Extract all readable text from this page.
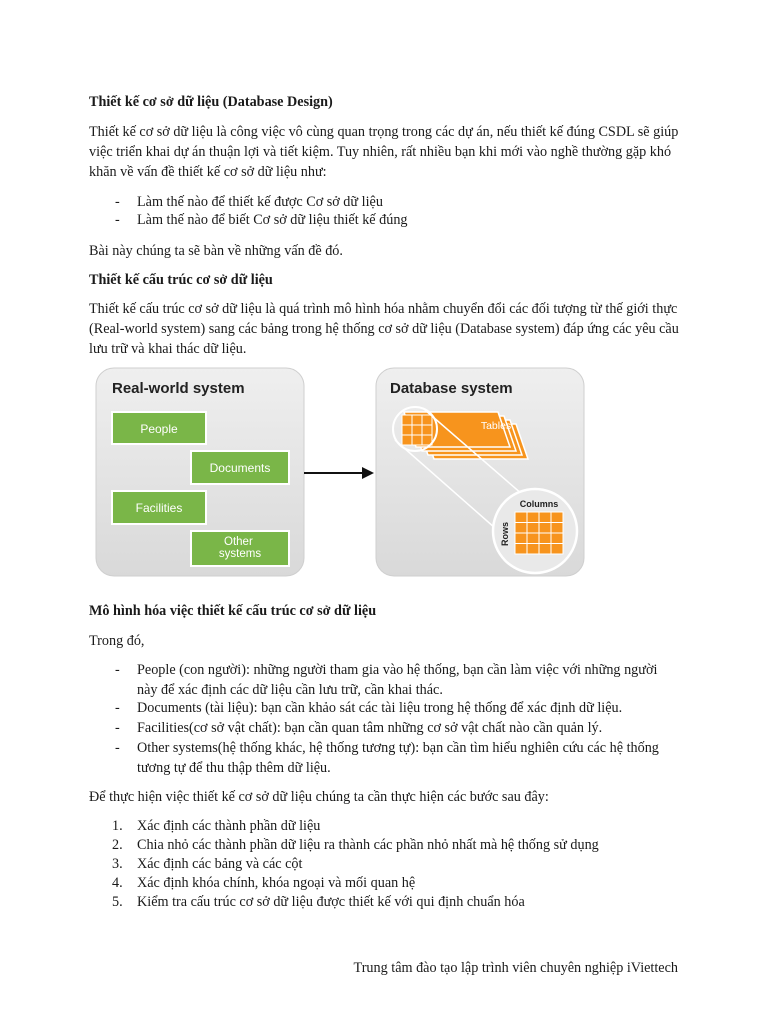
Thiết kế cơ sở dữ liệu (Database Design)
Thiết kế cơ sở dữ liệu là công việc vô cùng quan trọng trong các dự án, nếu thiết kế đúng CSDL sẽ giúp việc triển khai dự án thuận lợi và tiết kiệm. Tuy nhiên, rất nhiều bạn khi mới vào nghề thường gặp khó khăn về vấn đề thiết kế cơ sở dữ liệu như:
- Làm thế nào để thiết kế được Cơ sở dữ liệu
- Làm thế nào để biết Cơ sở dữ liệu thiết kế đúng
Bài này chúng ta sẽ bàn về những vấn đề đó.
Thiết kế cấu trúc cơ sở dữ liệu
Thiết kế cấu trúc cơ sở dữ liệu là quá trình mô hình hóa nhằm chuyển đổi các đối tượng từ thế giới thực (Real-world system) sang các bảng trong hệ thống cơ sở dữ liệu (Database system) đáp ứng các yêu cầu lưu trữ và khai thác dữ liệu.
Real-world system
People
Documents
Facilities
Other systems
Database system
Tables
Columns
Rows
Mô hình hóa việc thiết kế cấu trúc cơ sở dữ liệu
Trong đó,
- People (con người): những người tham gia vào hệ thống, bạn cần làm việc với những người này để xác định các dữ liệu cần lưu trữ, cần khai thác.
- Documents (tài liệu): bạn cần khảo sát các tài liệu trong hệ thống để xác định dữ liệu.
- Facilities(cơ sở vật chất): bạn cần quan tâm những cơ sở vật chất nào cần quản lý.
- Other systems(hệ thống khác, hệ thống tương tự): bạn cần tìm hiểu nghiên cứu các hệ thống tương tự để thu thập thêm dữ liệu.
Để thực hiện việc thiết kế cơ sở dữ liệu chúng ta cần thực hiện các bước sau đây:
1. Xác định các thành phần dữ liệu
2. Chia nhỏ các thành phần dữ liệu ra thành các phần nhỏ nhất mà hệ thống sử dụng
3. Xác định các bảng và các cột
4. Xác định khóa chính, khóa ngoại và mối quan hệ
5. Kiểm tra cấu trúc cơ sở dữ liệu được thiết kế với qui định chuẩn hóa
Trung tâm đào tạo lập trình viên chuyên nghiệp iViettech
